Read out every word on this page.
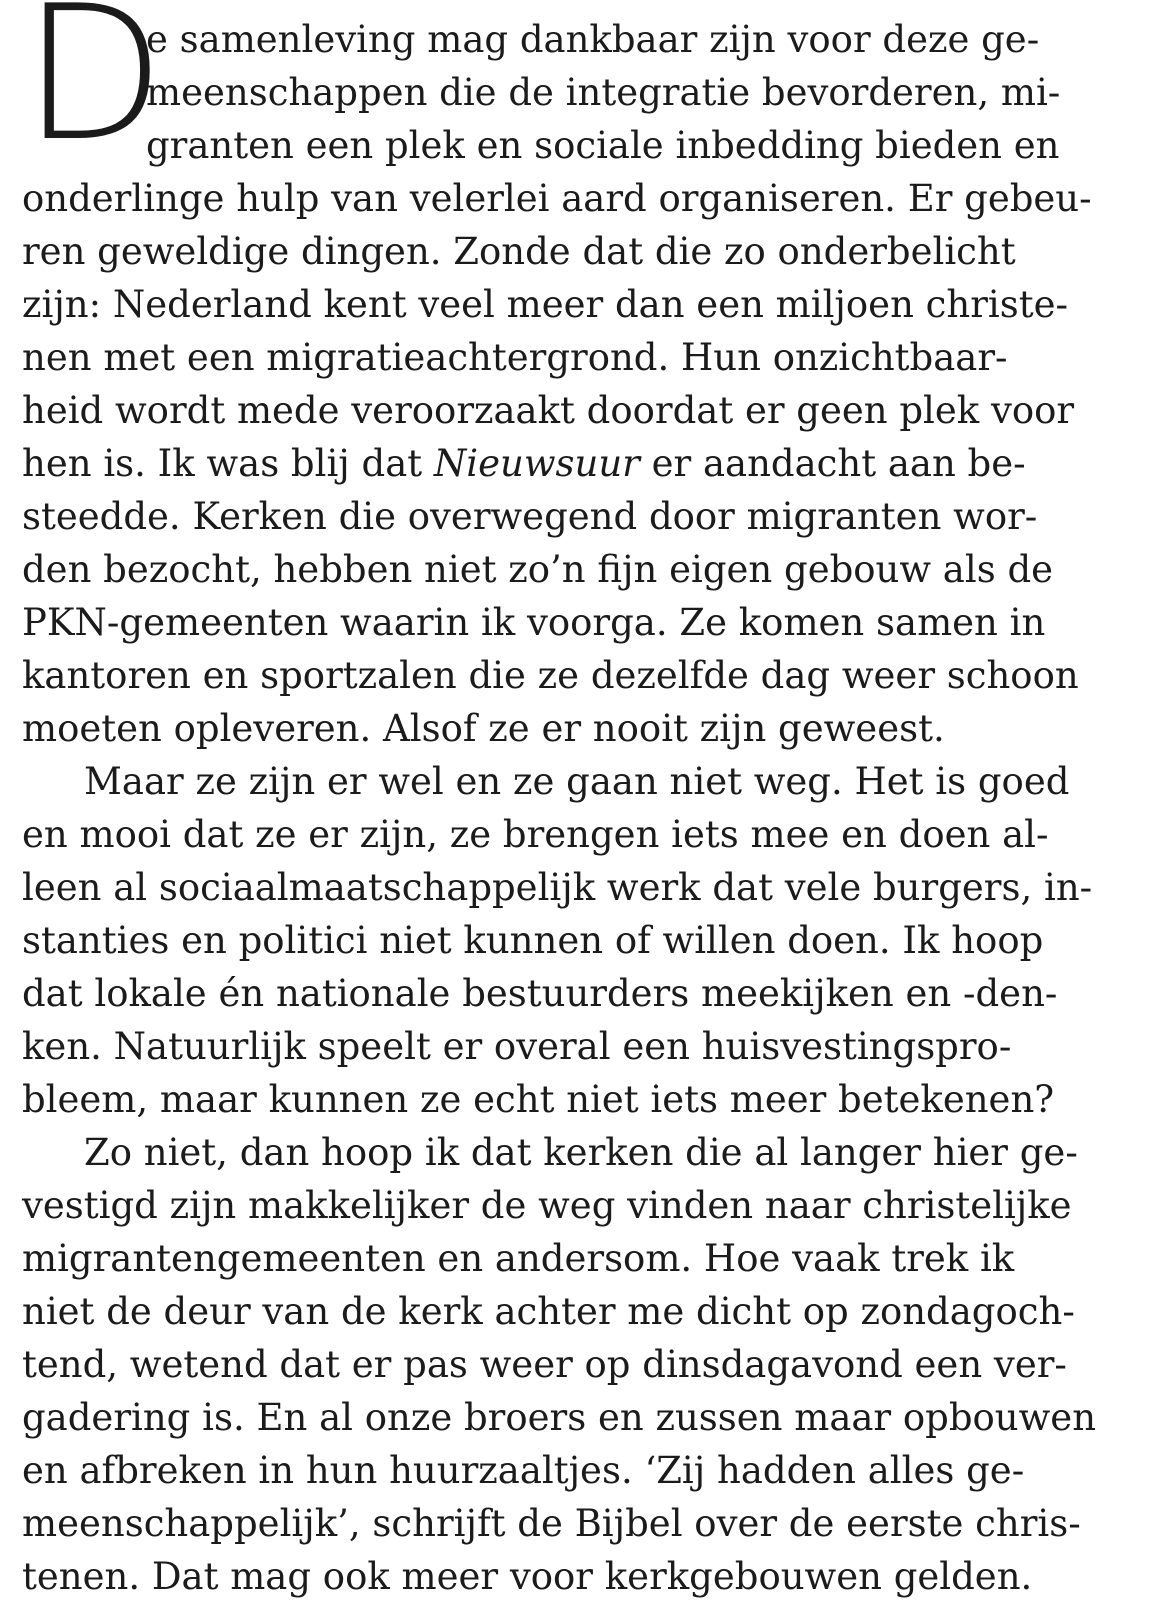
D
e samenleving mag dankbaar zijn voor deze ge-
meenschappen die de integratie bevorderen, mi-
granten een plek en sociale inbedding bieden en
onderlinge hulp van velerlei aard organiseren. Er gebeu-
ren geweldige dingen. Zonde dat die zo onderbelicht
zijn: Nederland kent veel meer dan een miljoen christe-
nen met een migratieachtergrond. Hun onzichtbaar-
heid wordt mede veroorzaakt doordat er geen plek voor
hen is. Ik was blij dat Nieuwsuur er aandacht aan be-
steedde. Kerken die overwegend door migranten wor-
den bezocht, hebben niet zo’n fijn eigen gebouw als de
PKN-gemeenten waarin ik voorga. Ze komen samen in
kantoren en sportzalen die ze dezelfde dag weer schoon
moeten opleveren. Alsof ze er nooit zijn geweest.
Maar ze zijn er wel en ze gaan niet weg. Het is goed
en mooi dat ze er zijn, ze brengen iets mee en doen al-
leen al sociaalmaatschappelijk werk dat vele burgers, in-
stanties en politici niet kunnen of willen doen. Ik hoop
dat lokale én nationale bestuurders meekijken en -den-
ken. Natuurlijk speelt er overal een huisvestingspro-
bleem, maar kunnen ze echt niet iets meer betekenen?
Zo niet, dan hoop ik dat kerken die al langer hier ge-
vestigd zijn makkelijker de weg vinden naar christelijke
migrantengemeenten en andersom. Hoe vaak trek ik
niet de deur van de kerk achter me dicht op zondagoch-
tend, wetend dat er pas weer op dinsdagavond een ver-
gadering is. En al onze broers en zussen maar opbouwen
en afbreken in hun huurzaaltjes. ‘Zij hadden alles ge-
meenschappelijk’, schrijft de Bijbel over de eerste chris-
tenen. Dat mag ook meer voor kerkgebouwen gelden.
